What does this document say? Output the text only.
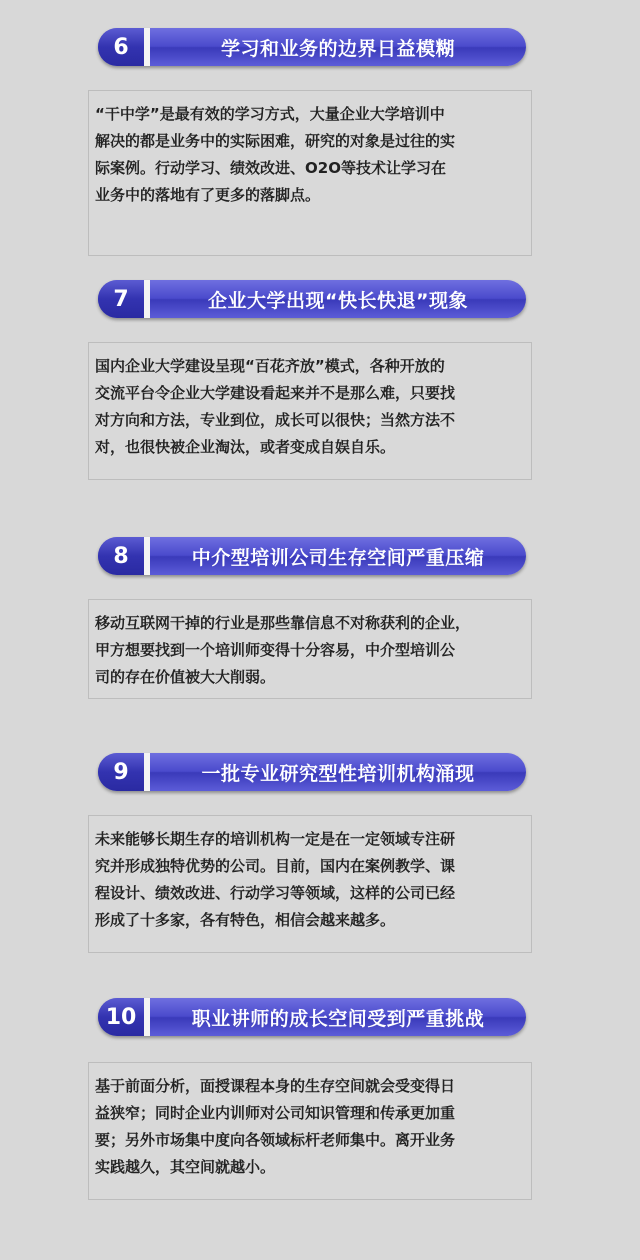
6	学习和业务的边界日益模糊

“干中学”是最有效的学习方式，大量企业大学培训中

解决的都是业务中的实际困难，研究的对象是过往的实

际案例。行动学习、绩效改进、O2O等技术让学习在

业务中的落地有了更多的落脚点。

7	企业大学出现“快长快退”现象

国内企业大学建设呈现“百花齐放”模式，各种开放的

交流平台令企业大学建设看起来并不是那么难，只要找

对方向和方法，专业到位，成长可以很快；当然方法不

对，也很快被企业淘汰，或者变成自娱自乐。

8	中介型培训公司生存空间严重压缩

移动互联网干掉的行业是那些靠信息不对称获利的企业，

甲方想要找到一个培训师变得十分容易，中介型培训公

司的存在价值被大大削弱。

9	一批专业研究型性培训机构涌现

未来能够长期生存的培训机构一定是在一定领域专注研

究并形成独特优势的公司。目前，国内在案例教学、课

程设计、绩效改进、行动学习等领域，这样的公司已经

形成了十多家，各有特色，相信会越来越多。

10	职业讲师的成长空间受到严重挑战

基于前面分析，面授课程本身的生存空间就会受变得日

益狭窄；同时企业内训师对公司知识管理和传承更加重

要；另外市场集中度向各领域标杆老师集中。离开业务

实践越久，其空间就越小。
